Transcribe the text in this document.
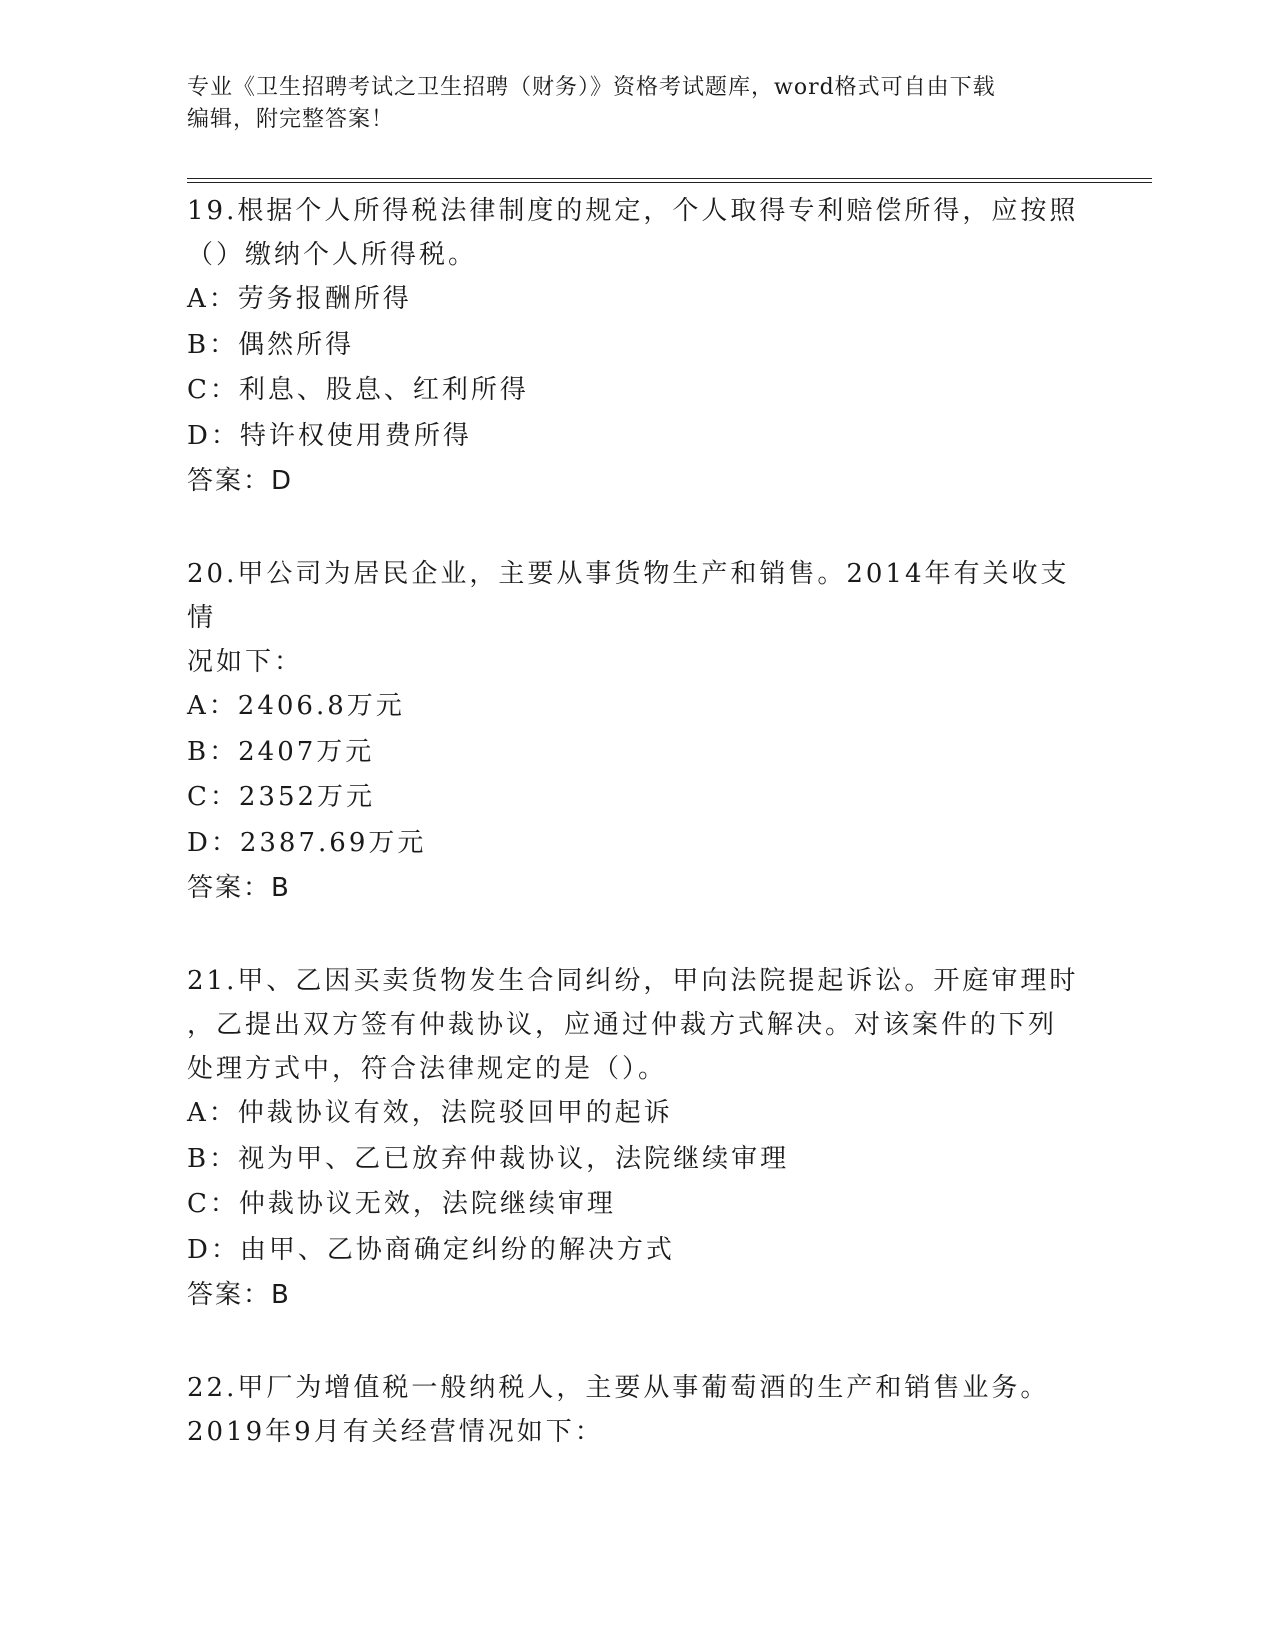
专业《卫生招聘考试之卫生招聘（财务）》资格考试题库，word格式可自由下载
编辑，附完整答案！
19.根据个人所得税法律制度的规定，个人取得专利赔偿所得，应按照
（）缴纳个人所得税。
A：劳务报酬所得
B：偶然所得
C：利息、股息、红利所得
D：特许权使用费所得
答案：D
20.甲公司为居民企业，主要从事货物生产和销售。2014年有关收支情
况如下：
A：2406.8万元
B：2407万元
C：2352万元
D：2387.69万元
答案：B
21.甲、乙因买卖货物发生合同纠纷，甲向法院提起诉讼。开庭审理时
，乙提出双方签有仲裁协议，应通过仲裁方式解决。对该案件的下列
处理方式中，符合法律规定的是（）。
A：仲裁协议有效，法院驳回甲的起诉
B：视为甲、乙已放弃仲裁协议，法院继续审理
C：仲裁协议无效，法院继续审理
D：由甲、乙协商确定纠纷的解决方式
答案：B
22.甲厂为增值税一般纳税人，主要从事葡萄酒的生产和销售业务。
2019年9月有关经营情况如下：
